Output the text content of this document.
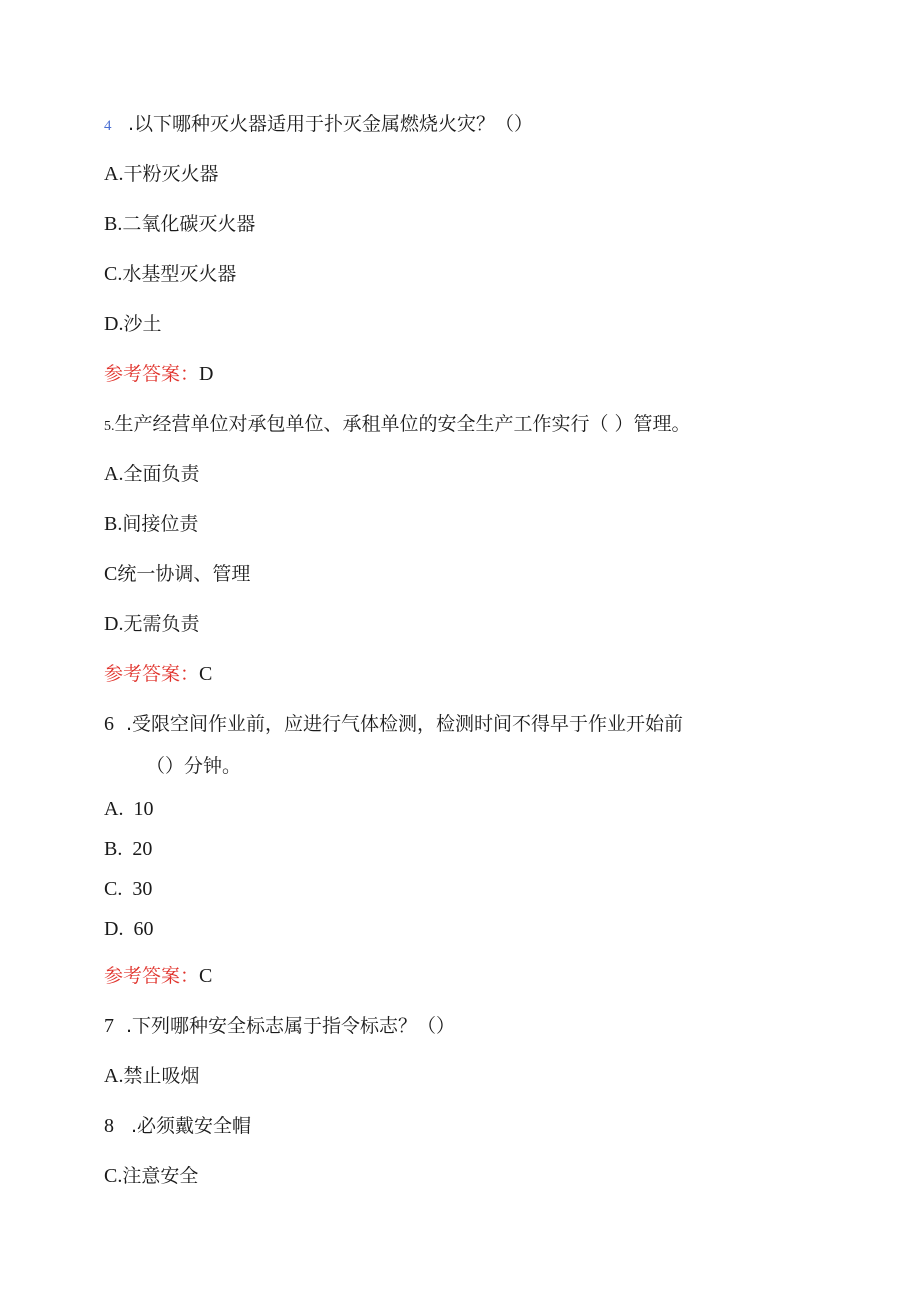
4 .以下哪种灭火器适用于扑灭金属燃烧火灾？（）
A.干粉灭火器
B.二氧化碳灭火器
C.水基型灭火器
D.沙土
参考答案：D
5.生产经营单位对承包单位、承租单位的安全生产工作实行（ ）管理。
A.全面负责
B.间接位责
C统一协调、管理
D.无需负责
参考答案：C
6 .受限空间作业前，应进行气体检测，检测时间不得早于作业开始前
（）分钟。
A. 10
B. 20
C. 30
D. 60
参考答案：C
7 .下列哪种安全标志属于指令标志？（）
A.禁止吸烟
8 .必须戴安全帽
C.注意安全
